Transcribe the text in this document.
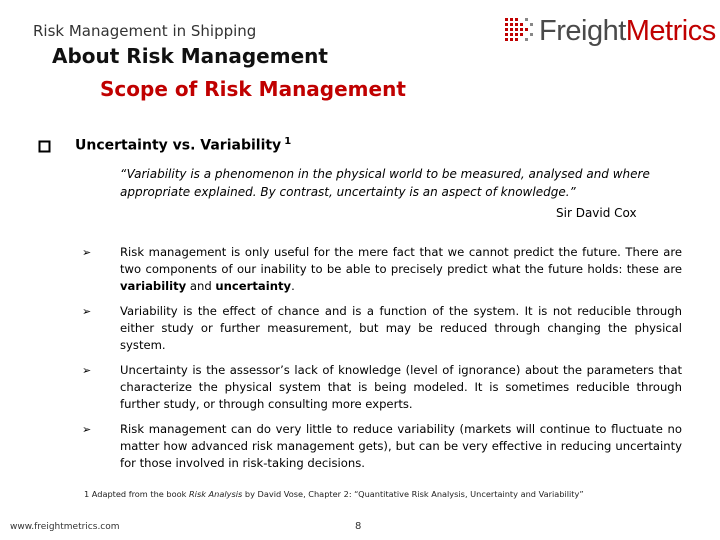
Risk Management in Shipping
About Risk Management
Scope of Risk Management
FreightMetrics
Uncertainty vs. Variability $^1$
“Variability is a phenomenon in the physical world to be measured, analysed and where appropriate explained. By contrast, uncertainty is an aspect of knowledge.”
Sir David Cox
➢	Risk management is only useful for the mere fact that we cannot predict the future. There are two components of our inability to be able to precisely predict what the future holds: these are variability and uncertainty.
➢	Variability is the effect of chance and is a function of the system. It is not reducible through either study or further measurement, but may be reduced through changing the physical system.
➢	Uncertainty is the assessor’s lack of knowledge (level of ignorance) about the parameters that characterize the physical system that is being modeled. It is sometimes reducible through further study, or through consulting more experts.
➢	Risk management can do very little to reduce variability (markets will continue to fluctuate no matter how advanced risk management gets), but can be very effective in reducing uncertainty for those involved in risk-taking decisions.
1 Adapted from the book Risk Analysis by David Vose, Chapter 2: “Quantitative Risk Analysis, Uncertainty and Variability”
www.freightmetrics.com	8
